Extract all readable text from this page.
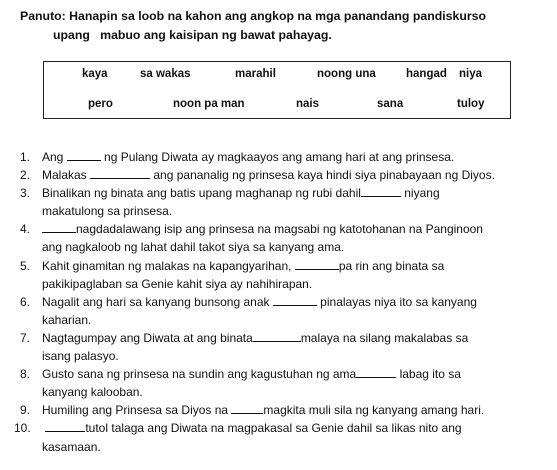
Panuto: Hanapin sa loob na kahon ang angkop na mga panandang pandiskurso
upang   mabuo ang kaisipan ng bawat pahayag.
kaya	sa wakas	marahil	noong una	hangad niya
pero	noon pa man	nais	sana	tuloy
1. Ang	ng Pulang Diwata ay magkaayos ang amang hari at ang prinsesa.
2. Malakas	ang pananalig ng prinsesa kaya hindi siya pinabayaan ng Diyos.
3. Binalikan ng binata ang batis upang maghanap ng rubi dahil	niyang
makatulong sa prinsesa.
4.	nagdadalawang isip ang prinsesa na magsabi ng katotohanan na Panginoon
ang nagkaloob ng lahat dahil takot siya sa kanyang ama.
5. Kahit ginamitan ng malakas na kapangyarihan,	pa rin ang binata sa
pakikipaglaban sa Genie kahit siya ay nahihirapan.
6. Nagalit ang hari sa kanyang bunsong anak	pinalayas niya ito sa kanyang
kaharian.
7. Nagtagumpay ang Diwata at ang binata	malaya na silang makalabas sa
isang palasyo.
8. Gusto sana ng prinsesa na sundin ang kagustuhan ng ama	labag ito sa
kanyang kalooban.
9. Humiling ang Prinsesa sa Diyos na	magkita muli sila ng kanyang amang hari.
10.	tutol talaga ang Diwata na magpakasal sa Genie dahil sa likas nito ang
kasamaan.
